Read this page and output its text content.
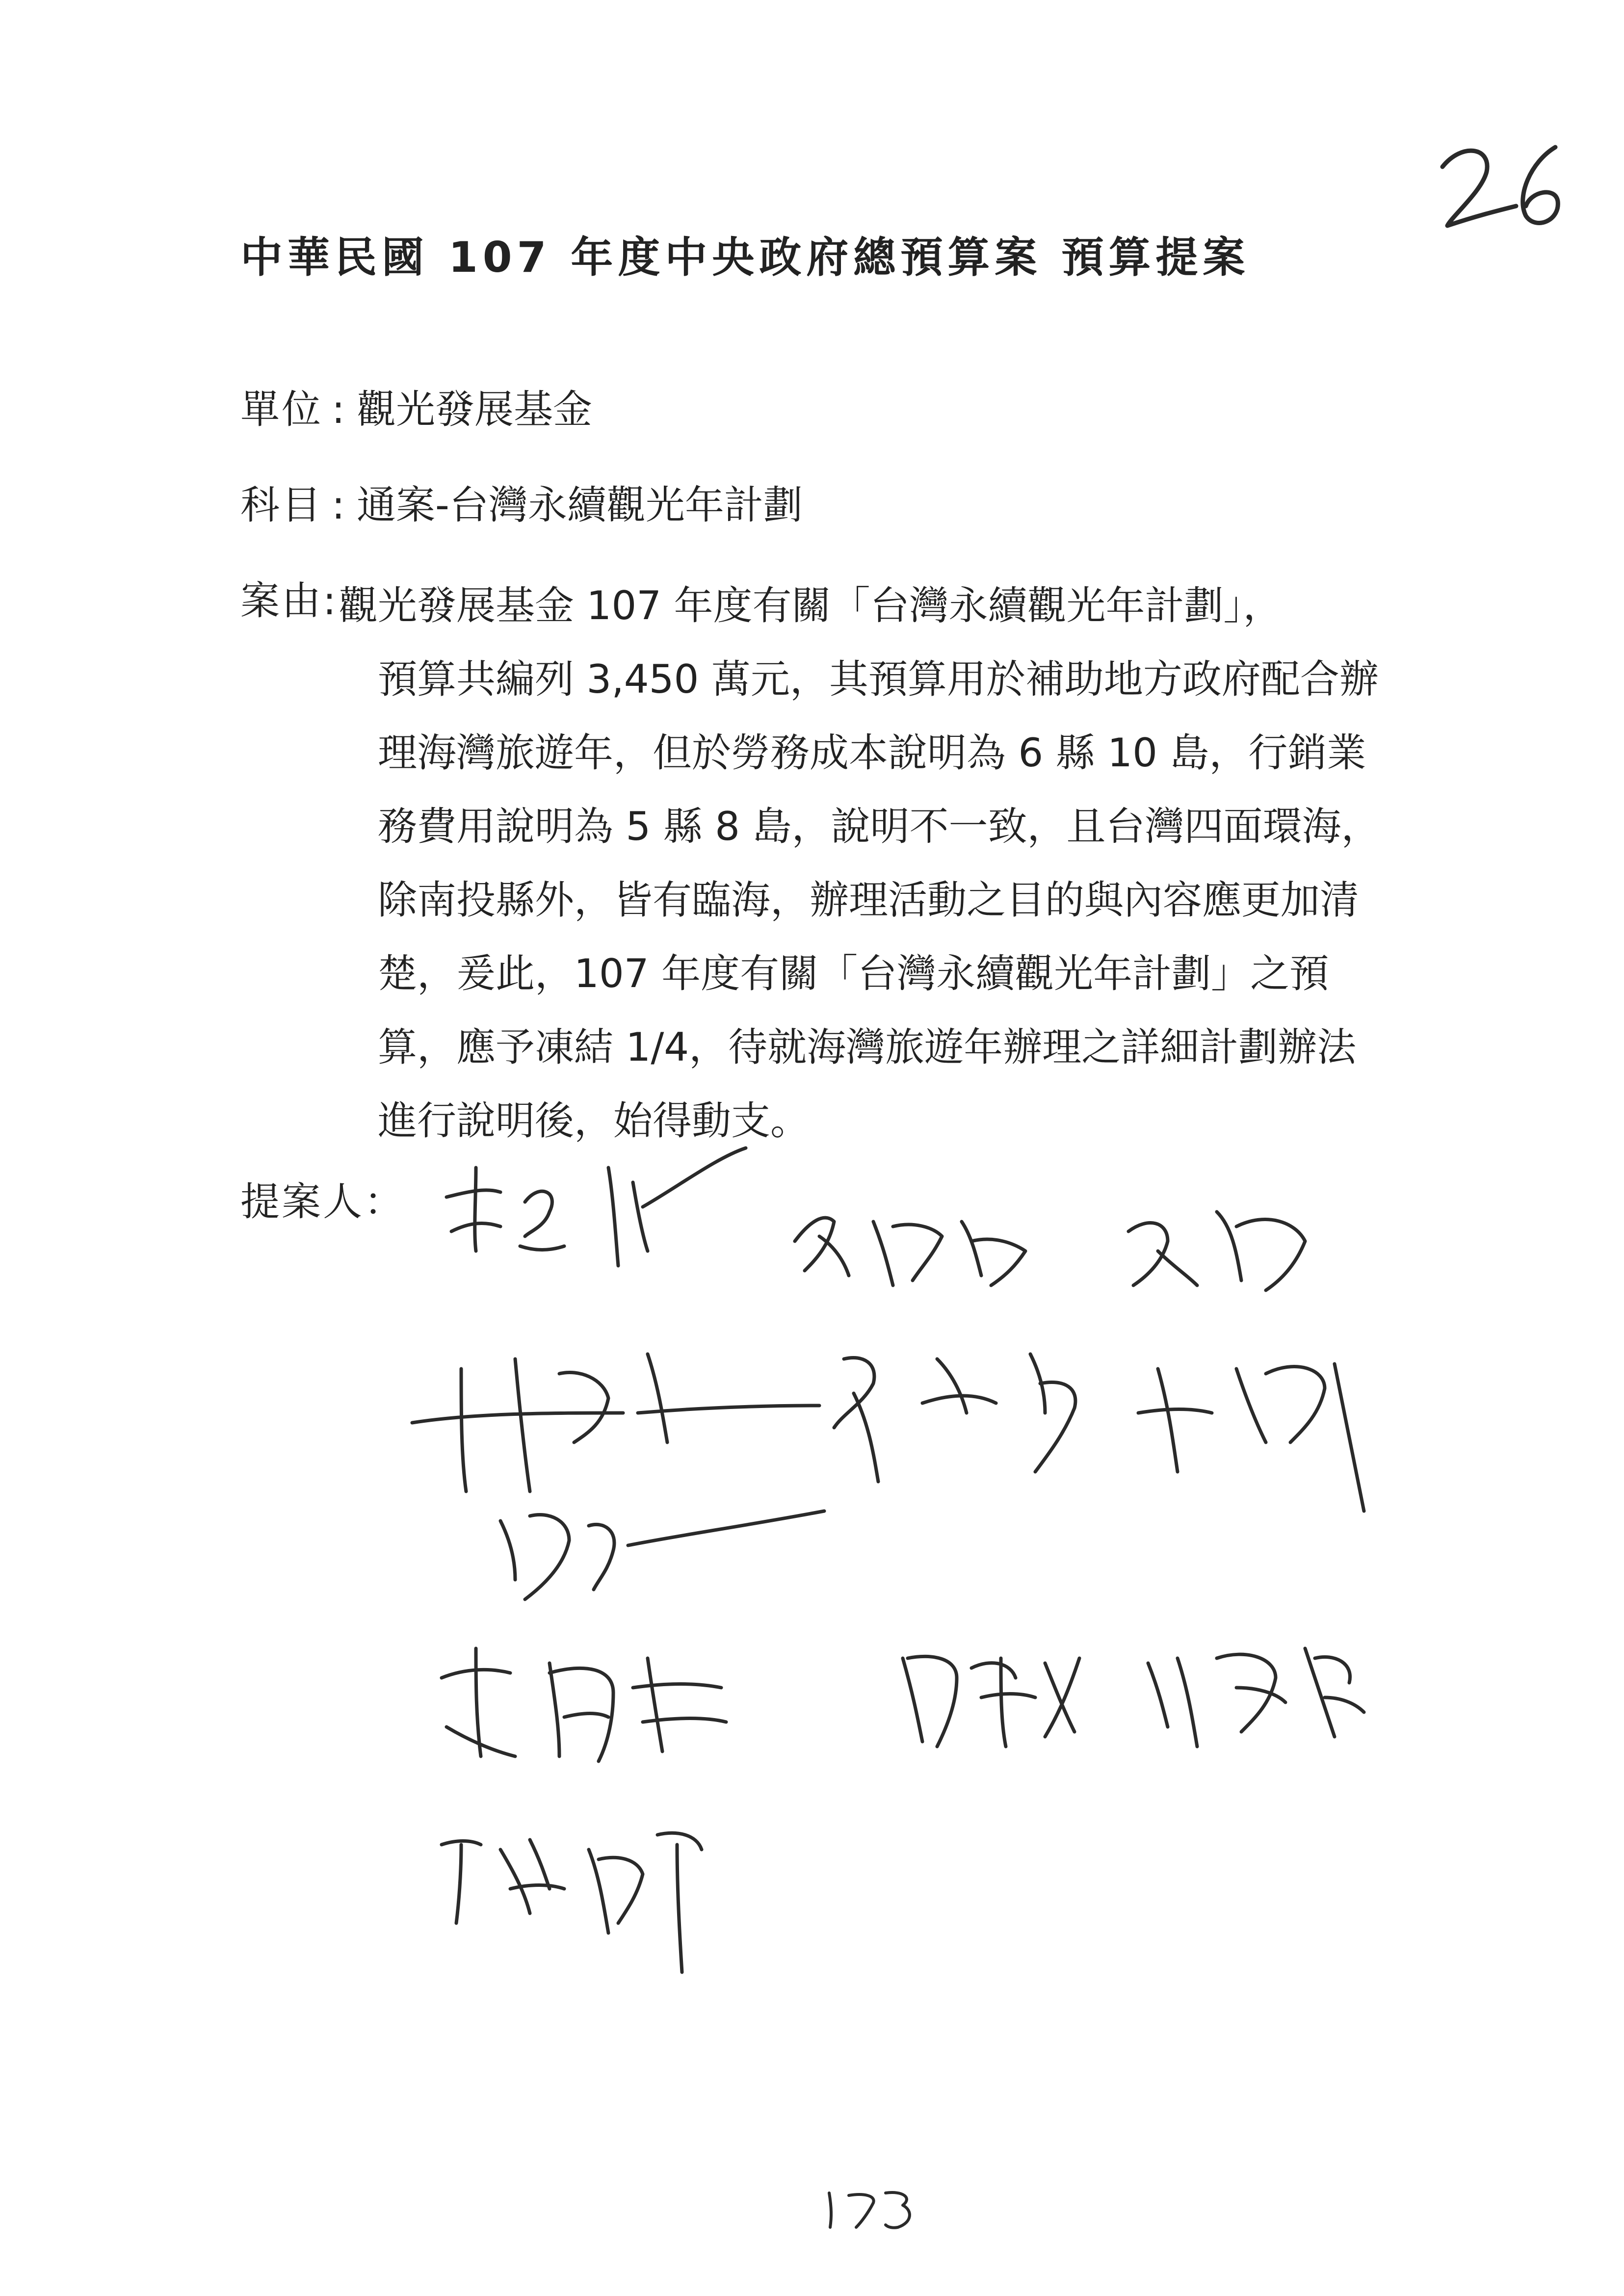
中華民國 107 年度中央政府總預算案 預算提案
單位 : 觀光發展基金
科目 : 通案-台灣永續觀光年計劃
案由: 觀光發展基金 107 年度有關「台灣永續觀光年計劃」，
預算共編列 3,450 萬元，其預算用於補助地方政府配合辦理海灣旅遊年，但於勞務成本說明為 6 縣 10 島，行銷業務費用說明為 5 縣 8 島，說明不一致，且台灣四面環海，除南投縣外，皆有臨海，辦理活動之目的與內容應更加清楚，爰此，107 年度有關「台灣永續觀光年計劃」之預算，應予凍結 1/4，待就海灣旅遊年辦理之詳細計劃辦法進行說明後，始得動支。
提案人：
